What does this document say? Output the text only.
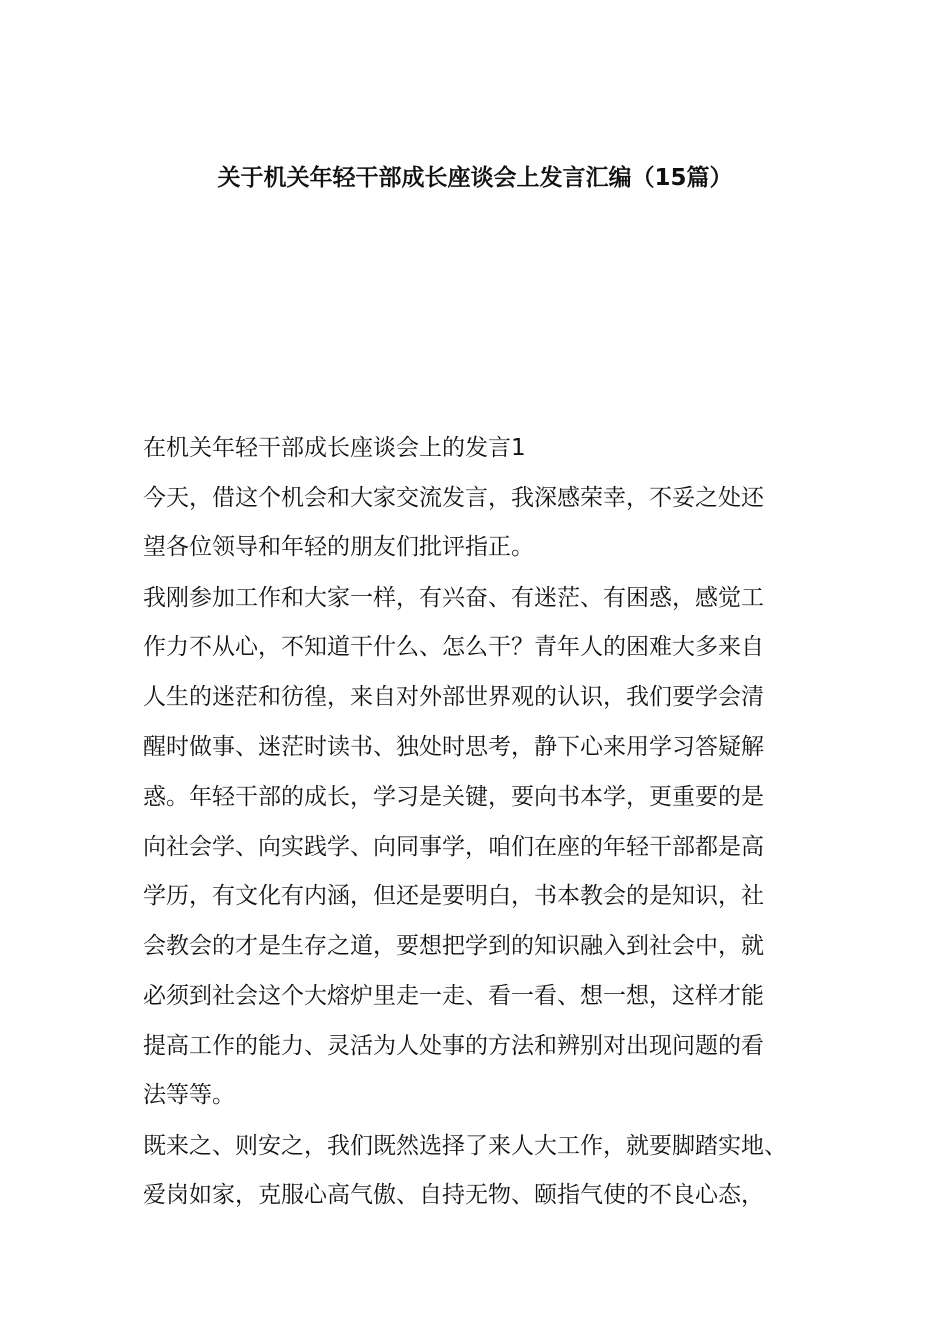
关于机关年轻干部成长座谈会上发言汇编（15篇）
在机关年轻干部成长座谈会上的发言1
今天，借这个机会和大家交流发言，我深感荣幸，不妥之处还
望各位领导和年轻的朋友们批评指正。
我刚参加工作和大家一样，有兴奋、有迷茫、有困惑，感觉工
作力不从心，不知道干什么、怎么干？青年人的困难大多来自
人生的迷茫和彷徨，来自对外部世界观的认识，我们要学会清
醒时做事、迷茫时读书、独处时思考，静下心来用学习答疑解
惑。年轻干部的成长，学习是关键，要向书本学，更重要的是
向社会学、向实践学、向同事学，咱们在座的年轻干部都是高
学历，有文化有内涵，但还是要明白，书本教会的是知识，社
会教会的才是生存之道，要想把学到的知识融入到社会中，就
必须到社会这个大熔炉里走一走、看一看、想一想，这样才能
提高工作的能力、灵活为人处事的方法和辨别对出现问题的看
法等等。
既来之、则安之，我们既然选择了来人大工作，就要脚踏实地、
爱岗如家，克服心高气傲、自持无物、颐指气使的不良心态，
